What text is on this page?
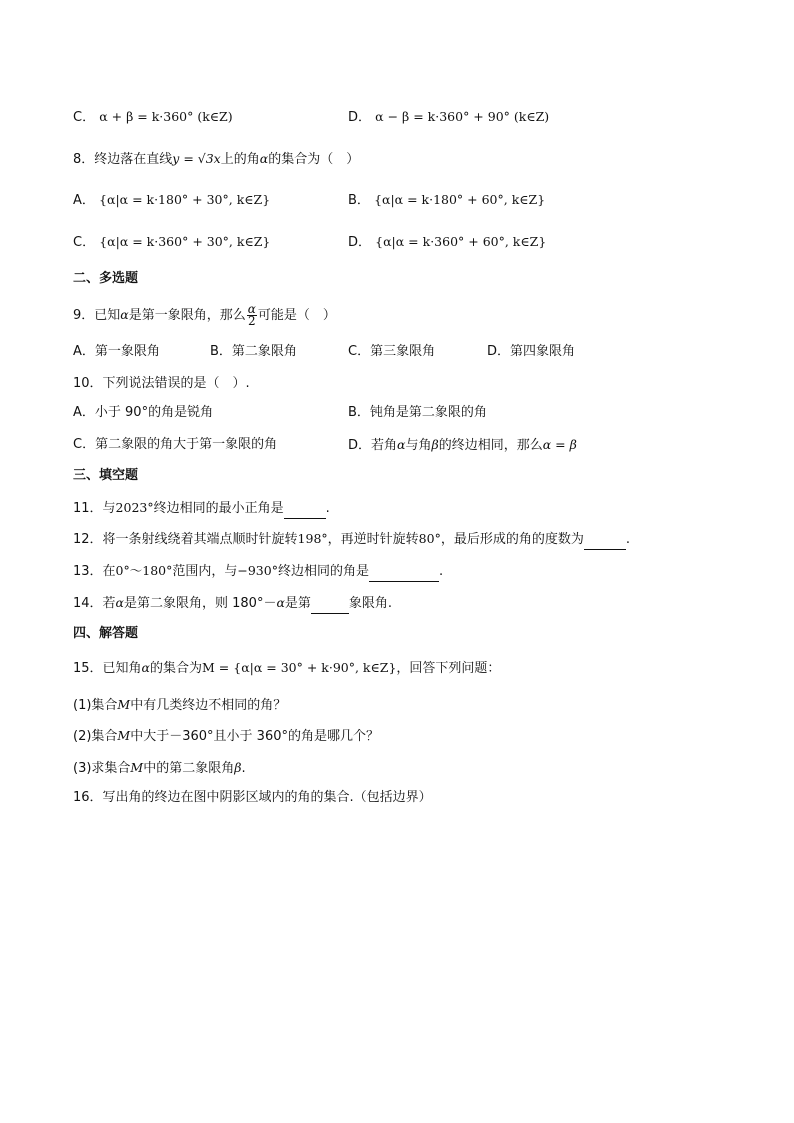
C． α + β = k·360° (k∈Z)	D． α − β = k·360° + 90° (k∈Z)
8．终边落在直线y = √3x上的角α的集合为（　）
A． {α|α = k·180° + 30°, k∈Z}	B． {α|α = k·180° + 60°, k∈Z}
C． {α|α = k·360° + 30°, k∈Z}	D． {α|α = k·360° + 60°, k∈Z}
二、多选题
9．已知α是第一象限角，那么 $\frac{\alpha}{2}$ 可能是（　）
A．第一象限角	B．第二象限角	C．第三象限角	D．第四象限角
10．下列说法错误的是（　）.
A．小于 90°的角是锐角	B．钝角是第二象限的角
C．第二象限的角大于第一象限的角	D．若角α与角β的终边相同，那么α = β
三、填空题
11．与2023°终边相同的最小正角是	.
12．将一条射线绕着其端点顺时针旋转198°，再逆时针旋转80°，最后形成的角的度数为	.
13．在0°～180°范围内，与−930°终边相同的角是	.
14．若α是第二象限角，则 180°－α是第	象限角.
四、解答题
15．已知角α的集合为M = {α|α = 30° + k·90°, k∈Z}，回答下列问题：
(1)集合M中有几类终边不相同的角？
(2)集合M中大于－360°且小于 360°的角是哪几个？
(3)求集合M中的第二象限角β.
16．写出角的终边在图中阴影区域内的角的集合.（包括边界）
